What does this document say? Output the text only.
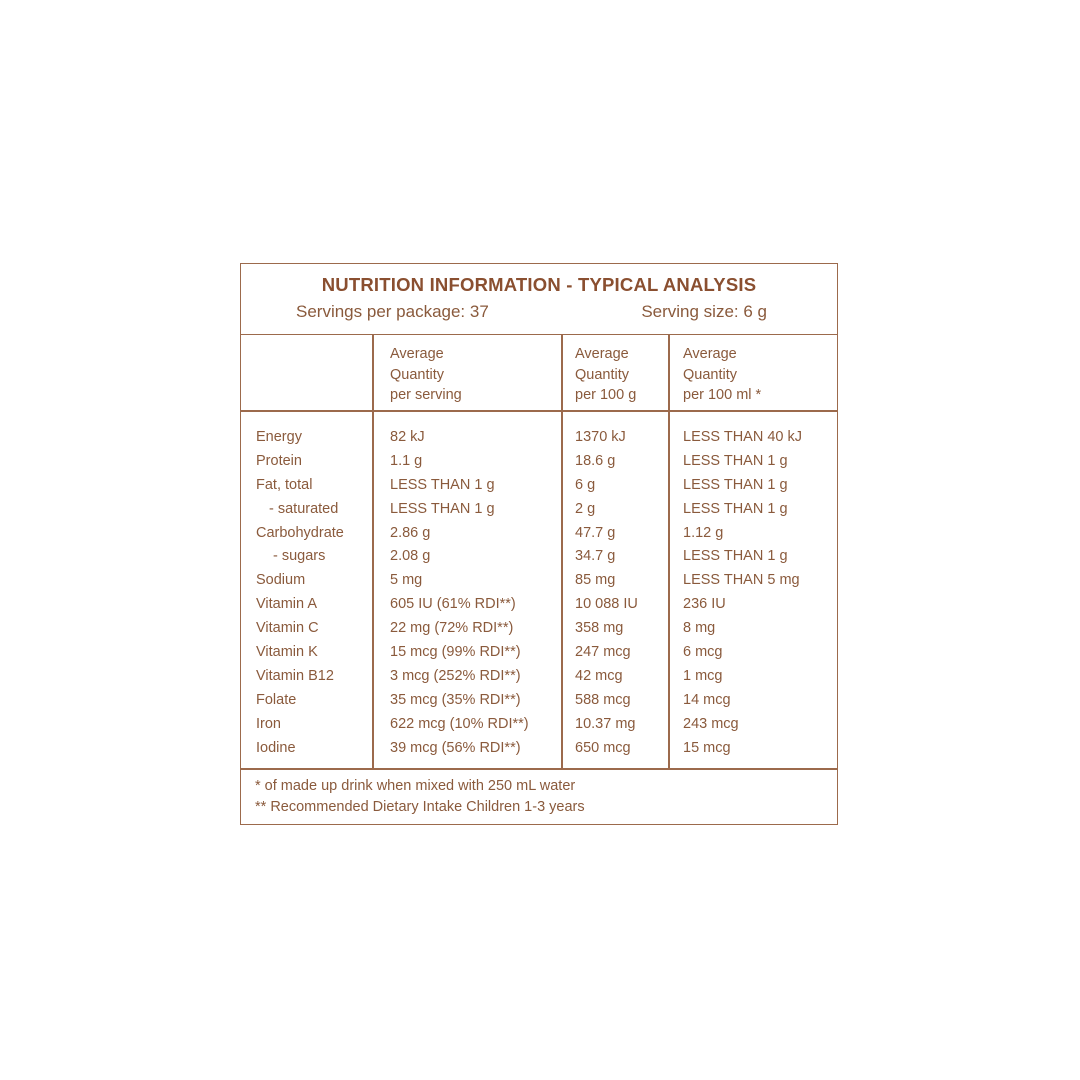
NUTRITION INFORMATION - TYPICAL ANALYSIS
Servings per package: 37	Serving size: 6 g
Average
Quantity
per serving
Average
Quantity
per 100 g
Average
Quantity
per 100 ml *
Energy
Protein
Fat, total
- saturated
Carbohydrate
- sugars
Sodium
Vitamin A
Vitamin C
Vitamin K
Vitamin B12
Folate
Iron
Iodine
82 kJ
1.1 g
LESS THAN 1 g
LESS THAN 1 g
2.86 g
2.08 g
5 mg
605 IU (61% RDI**)
22 mg (72% RDI**)
15 mcg (99% RDI**)
3 mcg (252% RDI**)
35 mcg (35% RDI**)
622 mcg (10% RDI**)
39 mcg (56% RDI**)
1370 kJ
18.6 g
6 g
2 g
47.7 g
34.7 g
85 mg
10 088 IU
358 mg
247 mcg
42 mcg
588 mcg
10.37 mg
650 mcg
LESS THAN 40 kJ
LESS THAN 1 g
LESS THAN 1 g
LESS THAN 1 g
1.12 g
LESS THAN 1 g
LESS THAN 5 mg
236 IU
8 mg
6 mcg
1 mcg
14 mcg
243 mcg
15 mcg
* of made up drink when mixed with 250 mL water
** Recommended Dietary Intake Children 1-3 years
